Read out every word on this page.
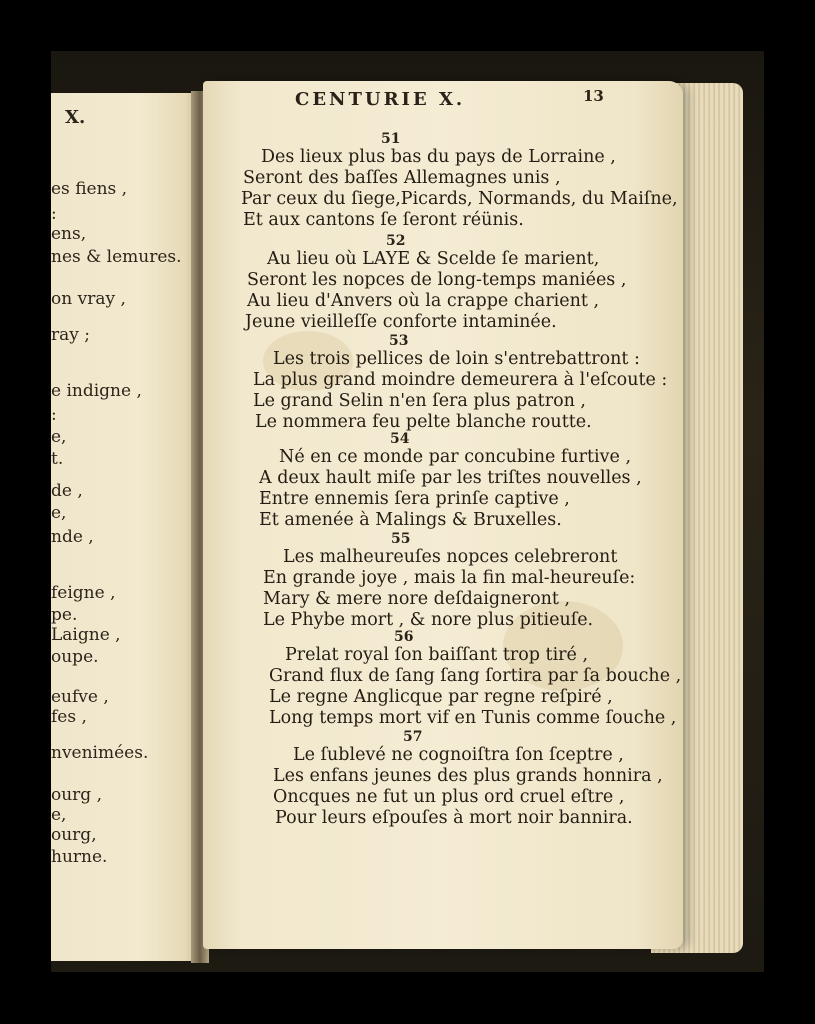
X.
es fiens ,
:
ens,
nes & lemures.
on vray ,
ray ;
e indigne ,
:
e,
t.
de ,
e,
nde ,
feigne ,
pe.
Laigne ,
oupe.
eufve ,
fes ,
nvenimées.
ourg ,
e,
ourg,
hurne.
CENTURIE X.	13
51
Des lieux plus bas du pays de Lorraine ,
Seront des baſſes Allemagnes unis ,
Par ceux du ſiege,Picards, Normands, du Maiſne,
Et aux cantons ſe ſeront réünis.
52
Au lieu où LAYE & Scelde ſe marient,
Seront les nopces de long-temps maniées ,
Au lieu d'Anvers où la crappe charient ,
Jeune vieilleſſe conforte intaminée.
53
Les trois pellices de loin s'entrebattront :
La plus grand moindre demeurera à l'eſcoute :
Le grand Selin n'en ſera plus patron ,
Le nommera feu pelte blanche routte.
54
Né en ce monde par concubine furtive ,
A deux hault miſe par les triſtes nouvelles ,
Entre ennemis ſera prinſe captive ,
Et amenée à Malings & Bruxelles.
55
Les malheureuſes nopces celebreront
En grande joye , mais la fin mal-heureuſe:
Mary & mere nore deſdaigneront ,
Le Phybe mort , & nore plus pitieuſe.
56
Prelat royal ſon baiſſant trop tiré ,
Grand flux de ſang ſang ſortira par ſa bouche ,
Le regne Anglicque par regne reſpiré ,
Long temps mort vif en Tunis comme ſouche ,
57
Le ſublevé ne cognoiſtra ſon ſceptre ,
Les enfans jeunes des plus grands honnira ,
Oncques ne fut un plus ord cruel eſtre ,
Pour leurs eſpouſes à mort noir bannira.
